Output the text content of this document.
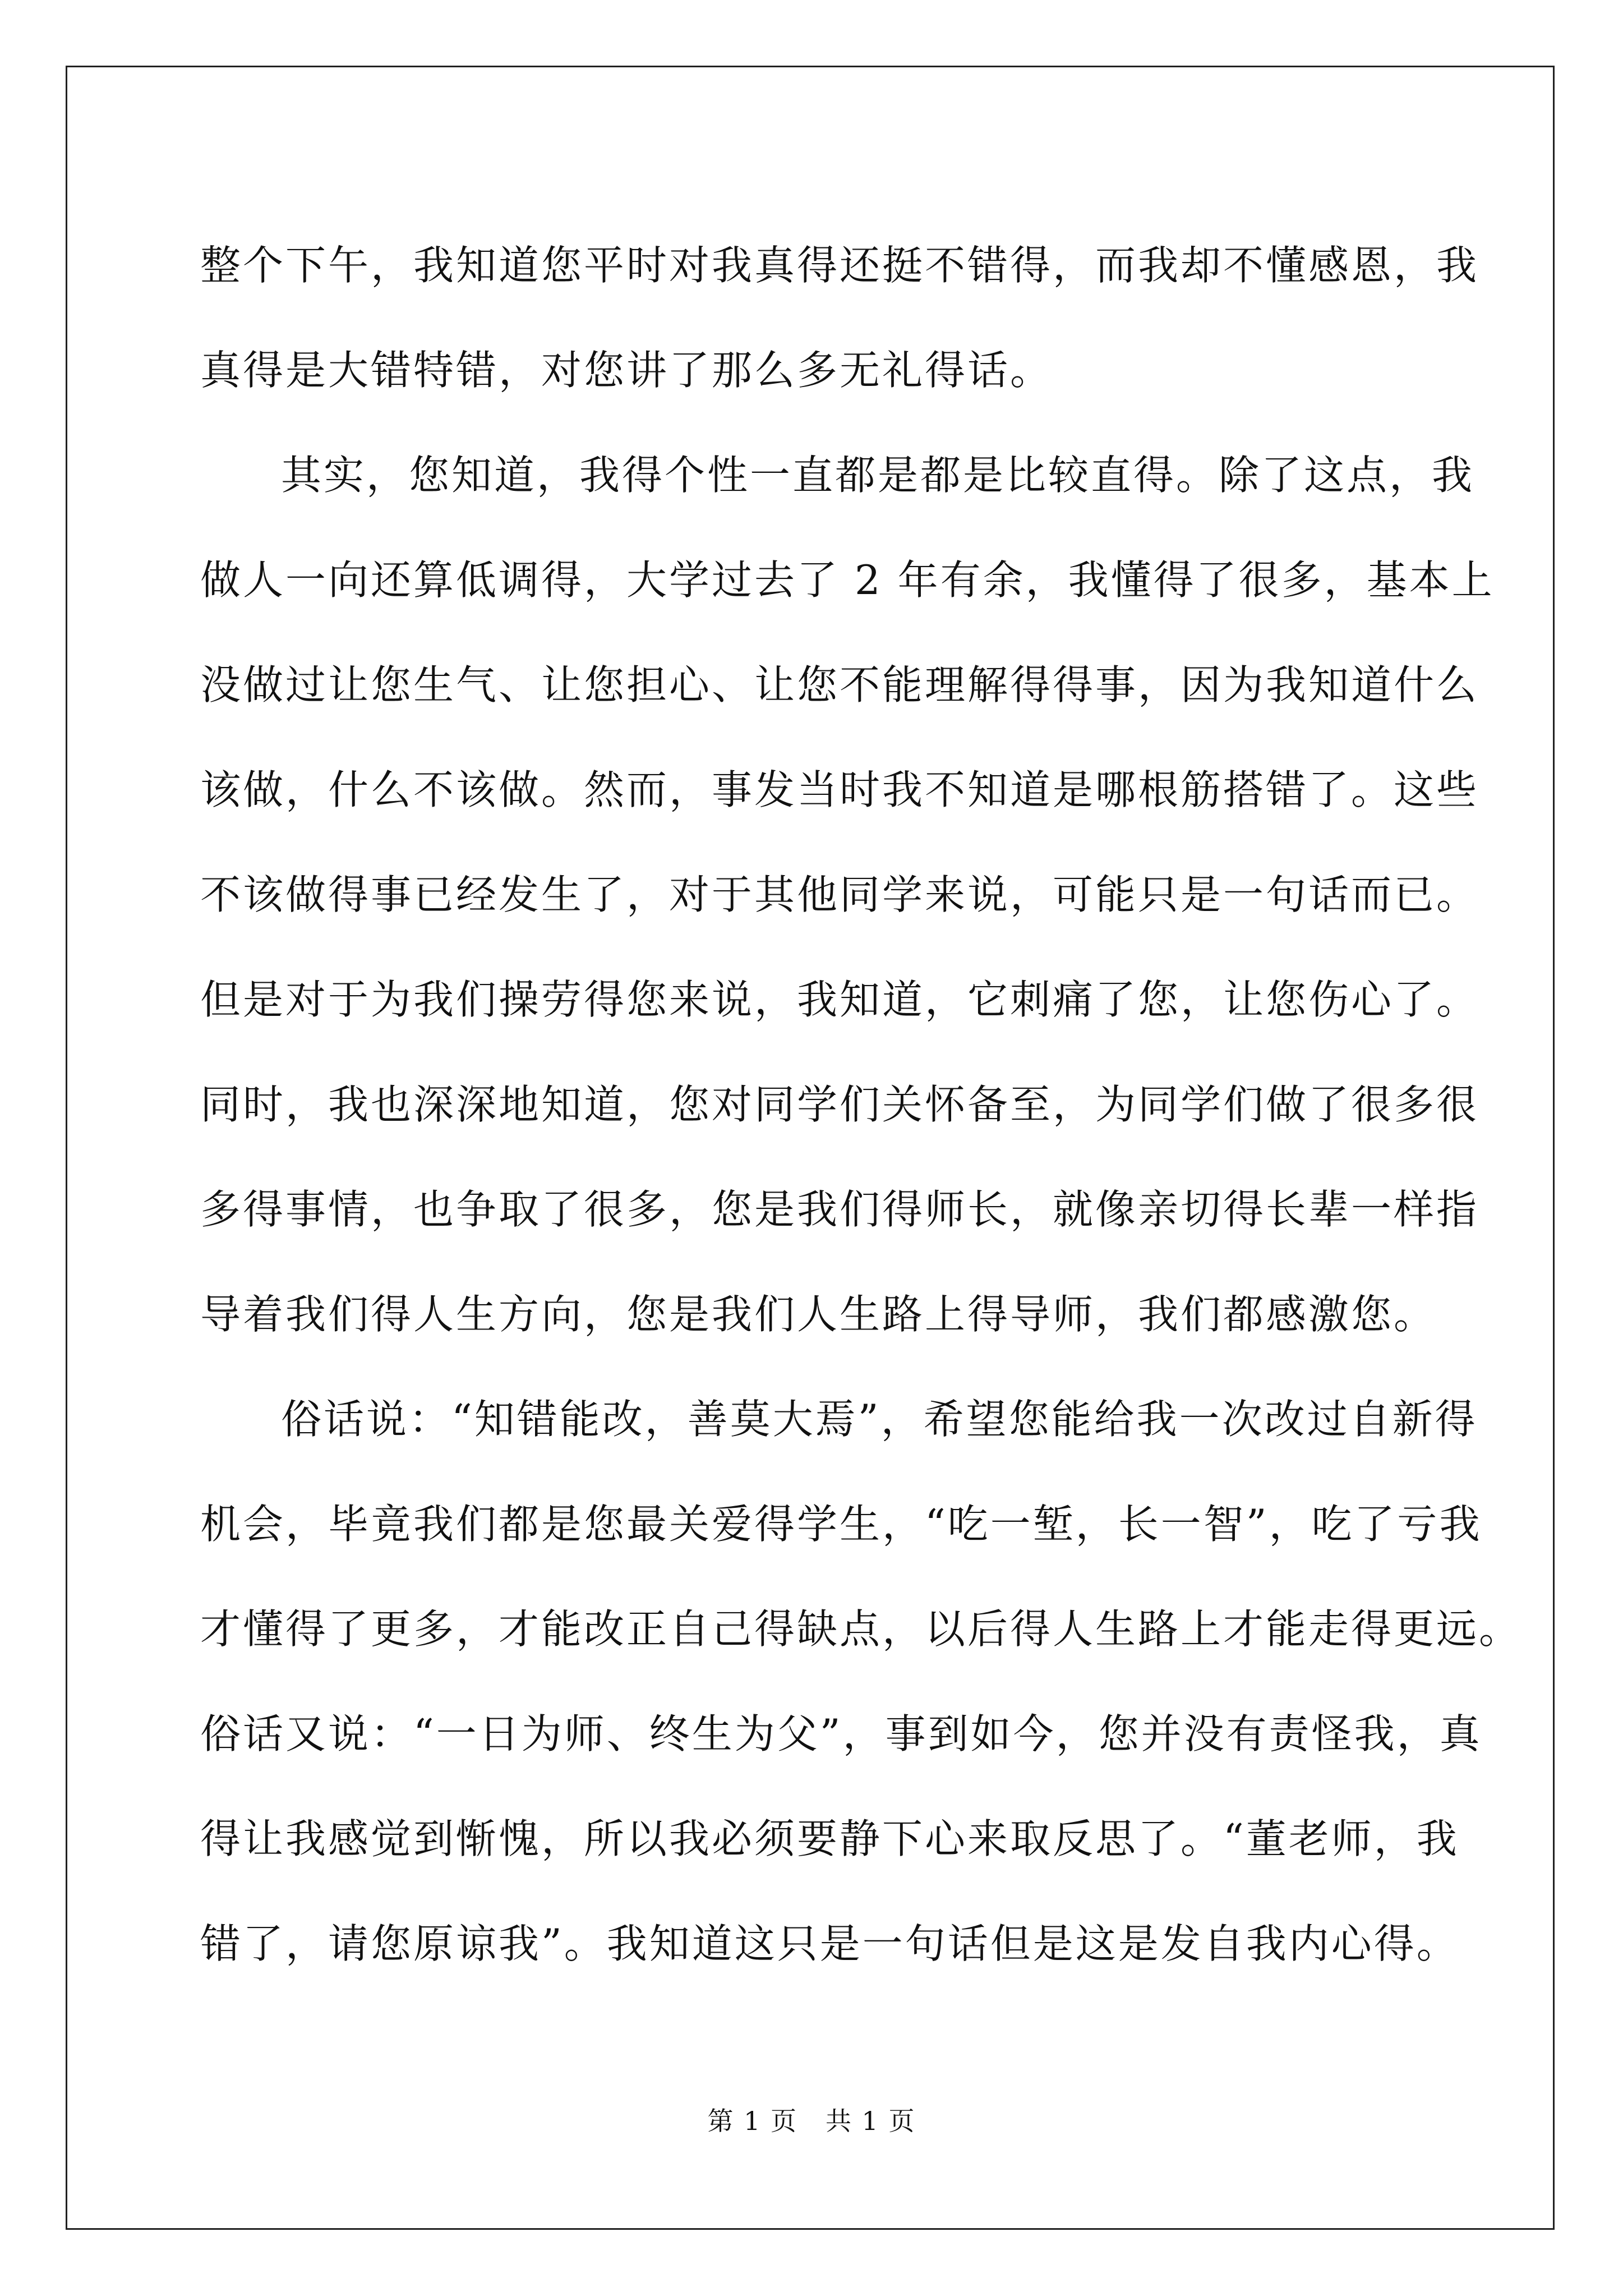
整个下午，我知道您平时对我真得还挺不错得，而我却不懂感恩，我
真得是大错特错，对您讲了那么多无礼得话。

其实，您知道，我得个性一直都是都是比较直得。除了这点，我
做人一向还算低调得，大学过去了 2 年有余，我懂得了很多，基本上
没做过让您生气、让您担心、让您不能理解得得事，因为我知道什么
该做，什么不该做。然而，事发当时我不知道是哪根筋搭错了。这些
不该做得事已经发生了，对于其他同学来说，可能只是一句话而已。
但是对于为我们操劳得您来说，我知道，它刺痛了您，让您伤心了。
同时，我也深深地知道，您对同学们关怀备至，为同学们做了很多很
多得事情，也争取了很多，您是我们得师长，就像亲切得长辈一样指
导着我们得人生方向，您是我们人生路上得导师，我们都感激您。

俗话说：“知错能改，善莫大焉”，希望您能给我一次改过自新得
机会，毕竟我们都是您最关爱得学生，“吃一堑，长一智”，吃了亏我
才懂得了更多，才能改正自己得缺点，以后得人生路上才能走得更远。
俗话又说：“一日为师、终生为父”，事到如今，您并没有责怪我，真
得让我感觉到惭愧，所以我必须要静下心来取反思了。“董老师，我
错了，请您原谅我”。我知道这只是一句话但是这是发自我内心得。

第 1 页 共 1 页
